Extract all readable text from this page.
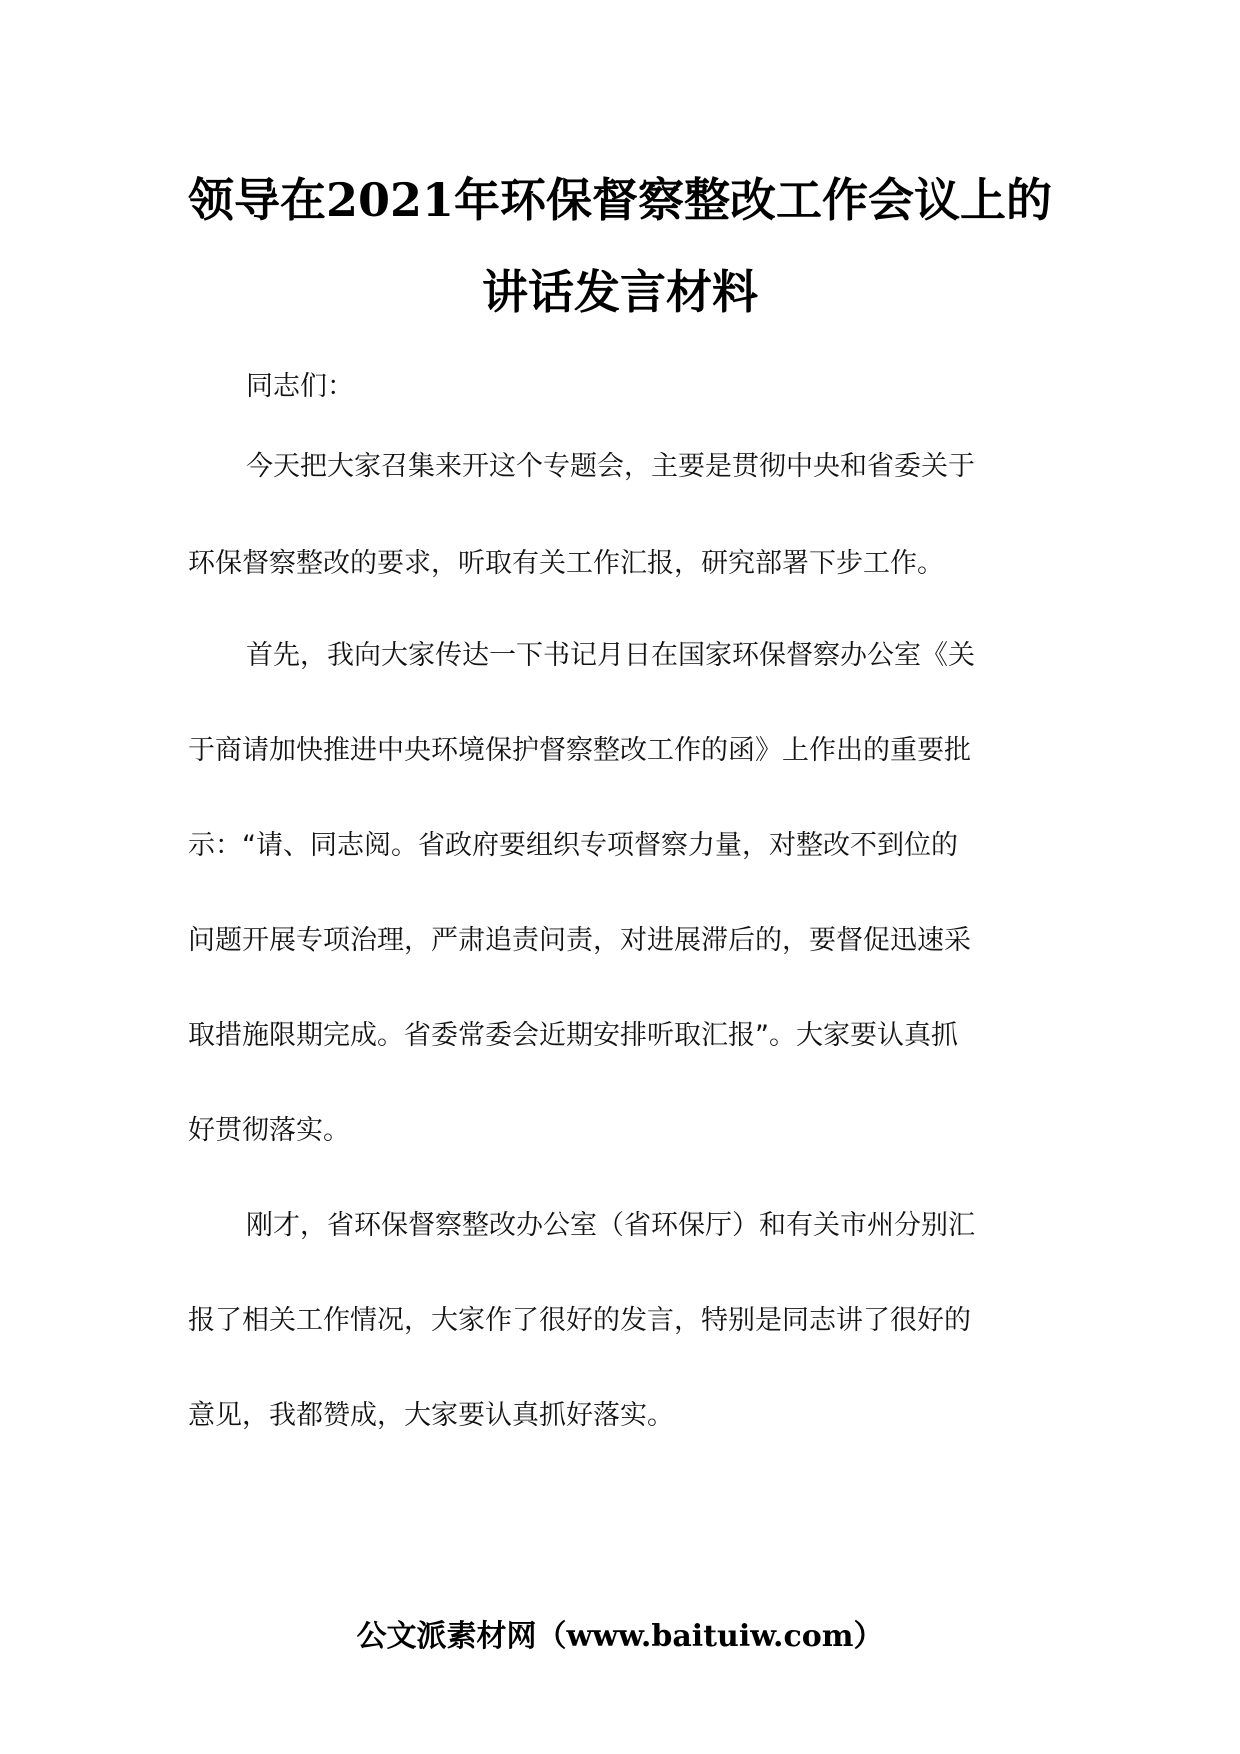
领导在2021年环保督察整改工作会议上的
讲话发言材料
同志们：
今天把大家召集来开这个专题会，主要是贯彻中央和省委关于
环保督察整改的要求，听取有关工作汇报，研究部署下步工作。
首先，我向大家传达一下书记月日在国家环保督察办公室《关
于商请加快推进中央环境保护督察整改工作的函》上作出的重要批
示：“请、同志阅。省政府要组织专项督察力量，对整改不到位的
问题开展专项治理，严肃追责问责，对进展滞后的，要督促迅速采
取措施限期完成。省委常委会近期安排听取汇报”。大家要认真抓
好贯彻落实。
刚才，省环保督察整改办公室（省环保厅）和有关市州分别汇
报了相关工作情况，大家作了很好的发言，特别是同志讲了很好的
意见，我都赞成，大家要认真抓好落实。
公文派素材网（www.baituiw.com）
